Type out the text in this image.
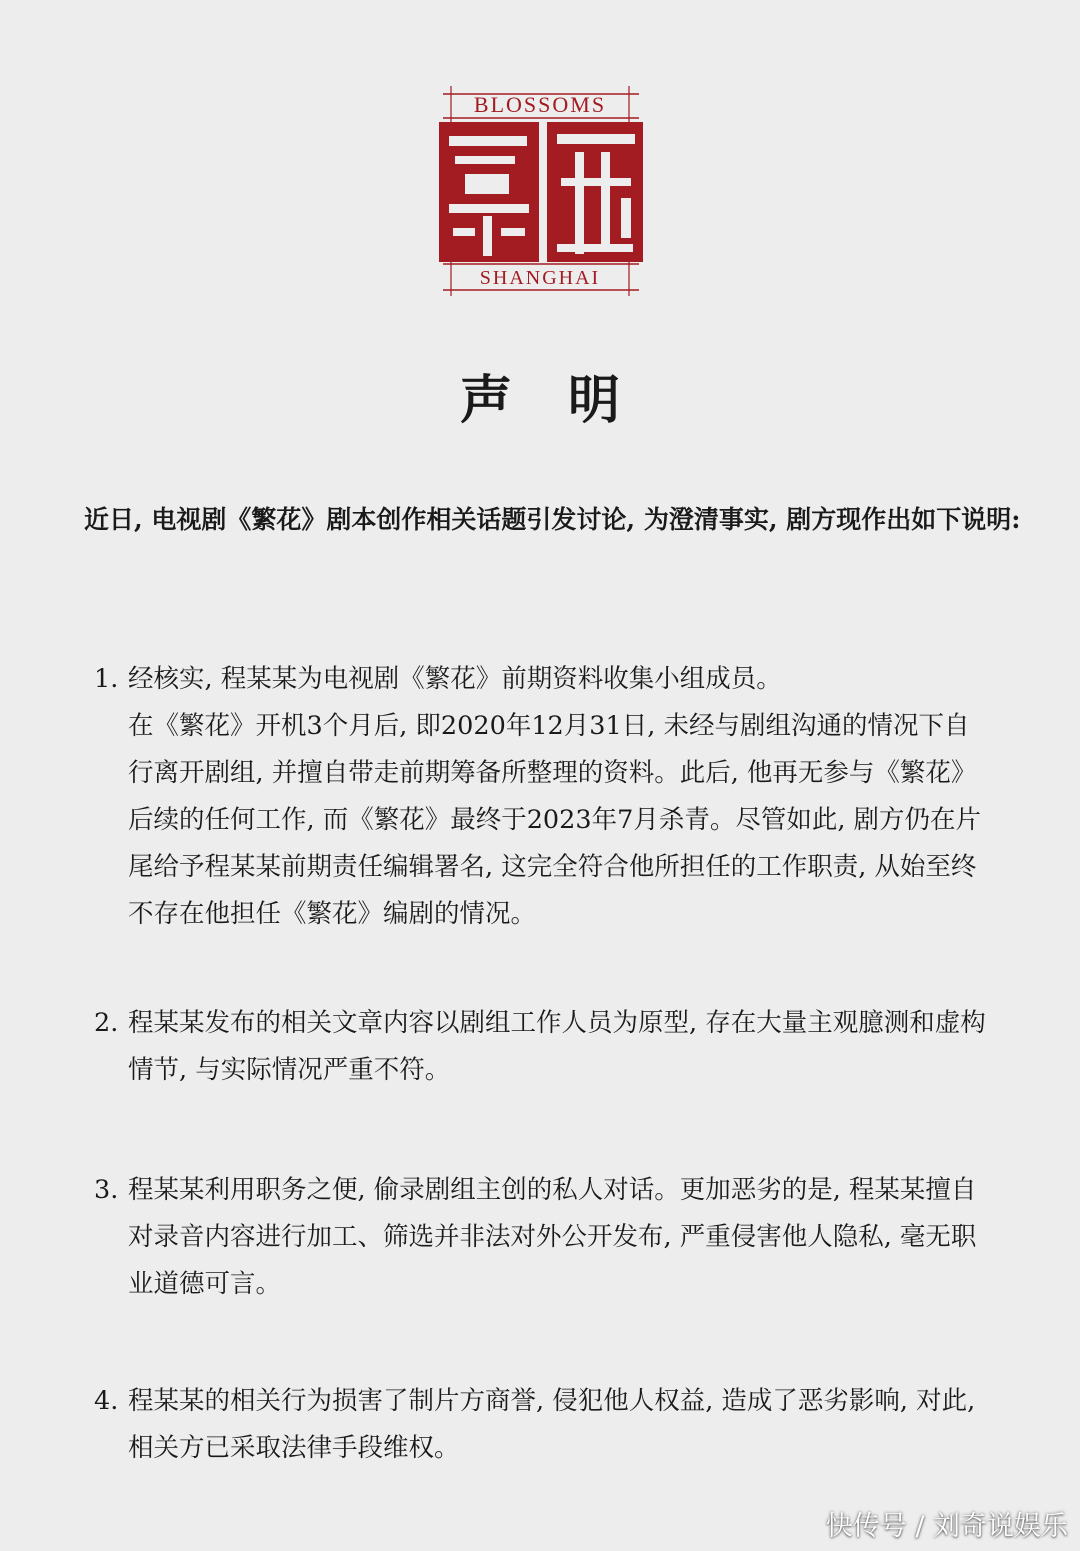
BLOSSOMS
SHANGHAI
声明

近日, 电视剧《繁花》剧本创作相关话题引发讨论, 为澄清事实, 剧方现作出如下说明:

1. 经核实, 程某某为电视剧《繁花》前期资料收集小组成员。
在《繁花》开机3个月后, 即2020年12月31日, 未经与剧组沟通的情况下自行离开剧组, 并擅自带走前期筹备所整理的资料。此后, 他再无参与《繁花》后续的任何工作, 而《繁花》最终于2023年7月杀青。尽管如此, 剧方仍在片尾给予程某某前期责任编辑署名, 这完全符合他所担任的工作职责, 从始至终不存在他担任《繁花》编剧的情况。
2. 程某某发布的相关文章内容以剧组工作人员为原型, 存在大量主观臆测和虚构情节, 与实际情况严重不符。
3. 程某某利用职务之便, 偷录剧组主创的私人对话。更加恶劣的是, 程某某擅自对录音内容进行加工、筛选并非法对外公开发布, 严重侵害他人隐私, 毫无职业道德可言。
4. 程某某的相关行为损害了制片方商誉, 侵犯他人权益, 造成了恶劣影响, 对此, 相关方已采取法律手段维权。
快传号 / 刘奇说娱乐
